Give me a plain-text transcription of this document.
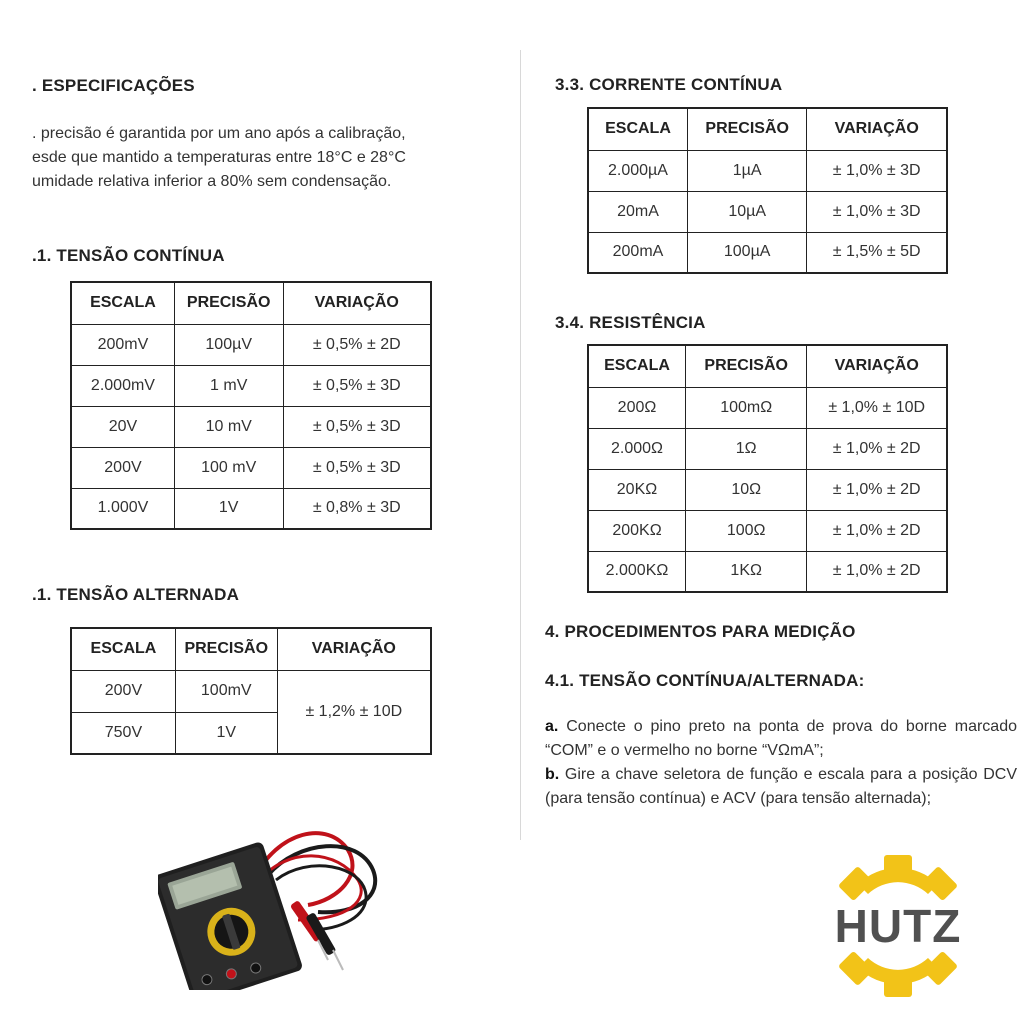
. ESPECIFICAÇÕES
. precisão é garantida por um ano após a calibração,
esde que mantido a temperaturas entre 18°C e 28°C
umidade relativa inferior a 80% sem condensação.
.1. TENSÃO CONTÍNUA
ESCALA	PRECISÃO	VARIAÇÃO
200mV	100µV	± 0,5% ± 2D
2.000mV	1 mV	± 0,5% ± 3D
20V	10 mV	± 0,5% ± 3D
200V	100 mV	± 0,5% ± 3D
1.000V	1V	± 0,8% ± 3D
.1. TENSÃO ALTERNADA
ESCALA	PRECISÃO	VARIAÇÃO
200V	100mV	± 1,2% ± 10D
750V	1V	
3.3. CORRENTE CONTÍNUA
ESCALA	PRECISÃO	VARIAÇÃO
2.000µA	1µA	± 1,0% ± 3D
20mA	10µA	± 1,0% ± 3D
200mA	100µA	± 1,5% ± 5D
3.4. RESISTÊNCIA
ESCALA	PRECISÃO	VARIAÇÃO
200Ω	100mΩ	± 1,0% ± 10D
2.000Ω	1Ω	± 1,0% ± 2D
20KΩ	10Ω	± 1,0% ± 2D
200KΩ	100Ω	± 1,0% ± 2D
2.000KΩ	1KΩ	± 1,0% ± 2D
4. PROCEDIMENTOS PARA MEDIÇÃO
4.1. TENSÃO CONTÍNUA/ALTERNADA:

a. Conecte o pino preto na ponta de prova do borne marcado “COM” e o vermelho no borne “VΩmA”;

b. Gire a chave seletora de função e escala para a posição DCV (para tensão contínua) e ACV (para tensão alternada);

HUTZ
